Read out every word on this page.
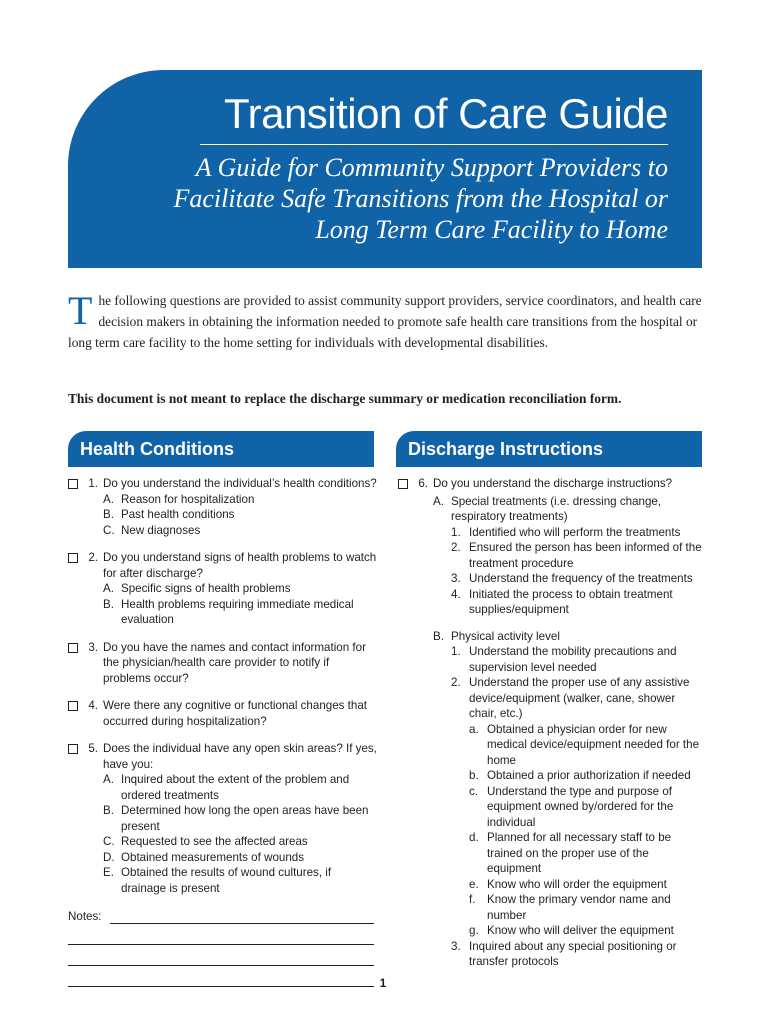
Transition of Care Guide
A Guide for Community Support Providers to
Facilitate Safe Transitions from the Hospital or
Long Term Care Facility to Home
T he following questions are provided to assist community support providers, service coordinators, and health care decision makers in obtaining the information needed to promote safe health care transitions from the hospital or long term care facility to the home setting for individuals with developmental disabilities.
This document is not meant to replace the discharge summary or medication reconciliation form.
Health Conditions	Discharge Instructions
1. Do you understand the individual’s health conditions?
A. Reason for hospitalization
B. Past health conditions
C. New diagnoses
2. Do you understand signs of health problems to watch for after discharge?
A. Specific signs of health problems
B. Health problems requiring immediate medical evaluation
3. Do you have the names and contact information for the physician/health care provider to notify if problems occur?
4. Were there any cognitive or functional changes that occurred during hospitalization?
5. Does the individual have any open skin areas? If yes, have you:
A. Inquired about the extent of the problem and ordered treatments
B. Determined how long the open areas have been present
C. Requested to see the affected areas
D. Obtained measurements of wounds
E. Obtained the results of wound cultures, if drainage is present
Notes:
6. Do you understand the discharge instructions?
A. Special treatments (i.e. dressing change, respiratory treatments)
1. Identified who will perform the treatments
2. Ensured the person has been informed of the treatment procedure
3. Understand the frequency of the treatments
4. Initiated the process to obtain treatment supplies/equipment
B. Physical activity level
1. Understand the mobility precautions and supervision level needed
2. Understand the proper use of any assistive device/equipment (walker, cane, shower chair, etc.)
a. Obtained a physician order for new medical device/equipment needed for the home
b. Obtained a prior authorization if needed
c. Understand the type and purpose of equipment owned by/ordered for the individual
d. Planned for all necessary staff to be trained on the proper use of the equipment
e. Know who will order the equipment
f. Know the primary vendor name and number
g. Know who will deliver the equipment
3. Inquired about any special positioning or transfer protocols
1
